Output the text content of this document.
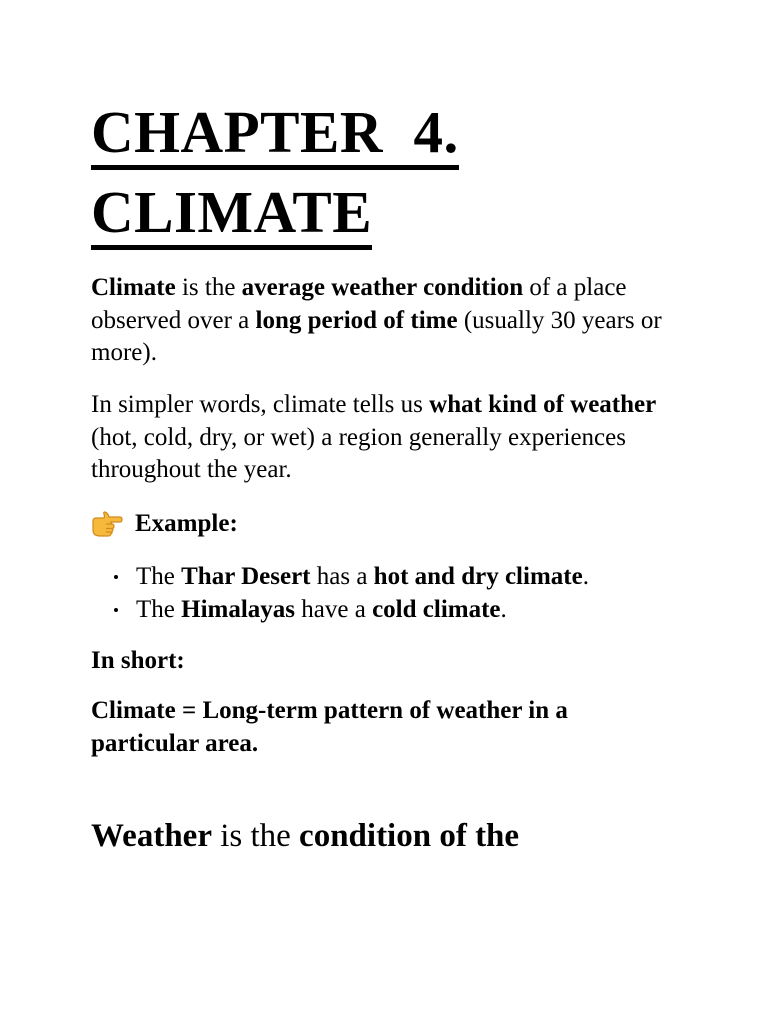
CHAPTER  4.
CLIMATE

Climate is the average weather condition of a place observed over a long period of time (usually 30 years or more).

In simpler words, climate tells us what kind of weather (hot, cold, dry, or wet) a region generally experiences throughout the year.

Example:
The Thar Desert has a hot and dry climate.
The Himalayas have a cold climate.

In short:

Climate = Long-term pattern of weather in a particular area.

Weather is the condition of the
